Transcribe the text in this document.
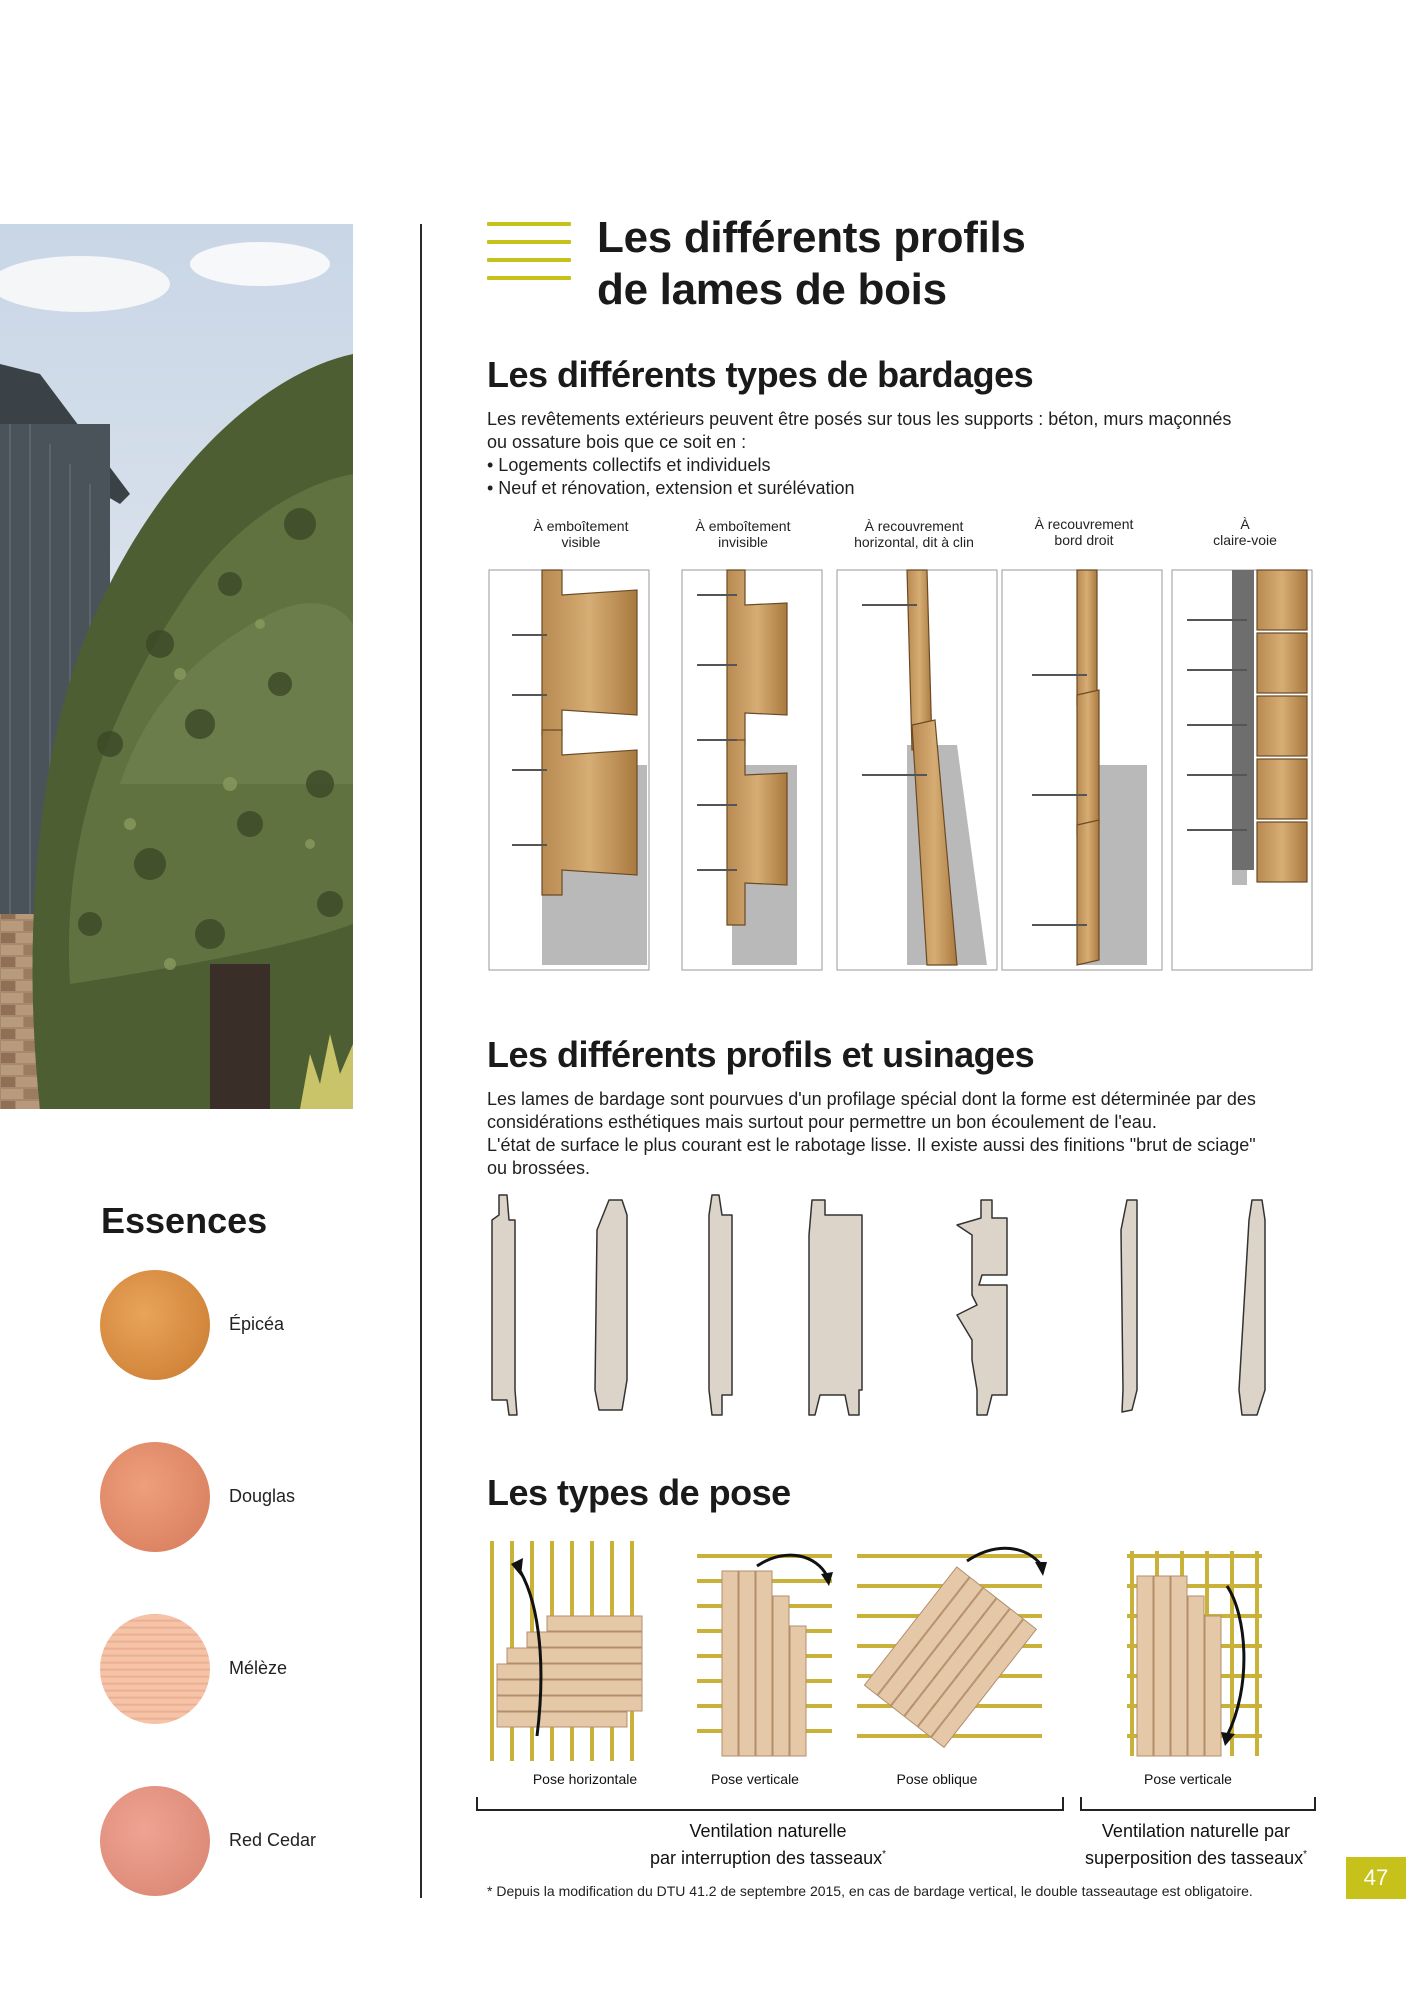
Les différents profils
de lames de bois
Les différents types de bardages
Les revêtements extérieurs peuvent être posés sur tous les supports : béton, murs maçonnés
ou ossature bois que ce soit en :
• Logements collectifs et individuels
• Neuf et rénovation, extension et surélévation
À emboîtement
visible
À emboîtement
invisible
À recouvrement
horizontal, dit à clin
À recouvrement
bord droit
À
claire-voie
Les différents profils et usinages
Les lames de bardage sont pourvues d'un profilage spécial dont la forme est déterminée par des
considérations esthétiques mais surtout pour permettre un bon écoulement de l'eau.
L'état de surface le plus courant est le rabotage lisse. Il existe aussi des finitions "brut de sciage"
ou brossées.
Essences
Épicéa
Douglas
Mélèze
Red Cedar
Les types de pose
Pose horizontale	Pose verticale	Pose oblique	Pose verticale
Ventilation naturelle
par interruption des tasseaux*
Ventilation naturelle par
superposition des tasseaux*
* Depuis la modification du DTU 41.2 de septembre 2015, en cas de bardage vertical, le double tasseautage est obligatoire.
47
